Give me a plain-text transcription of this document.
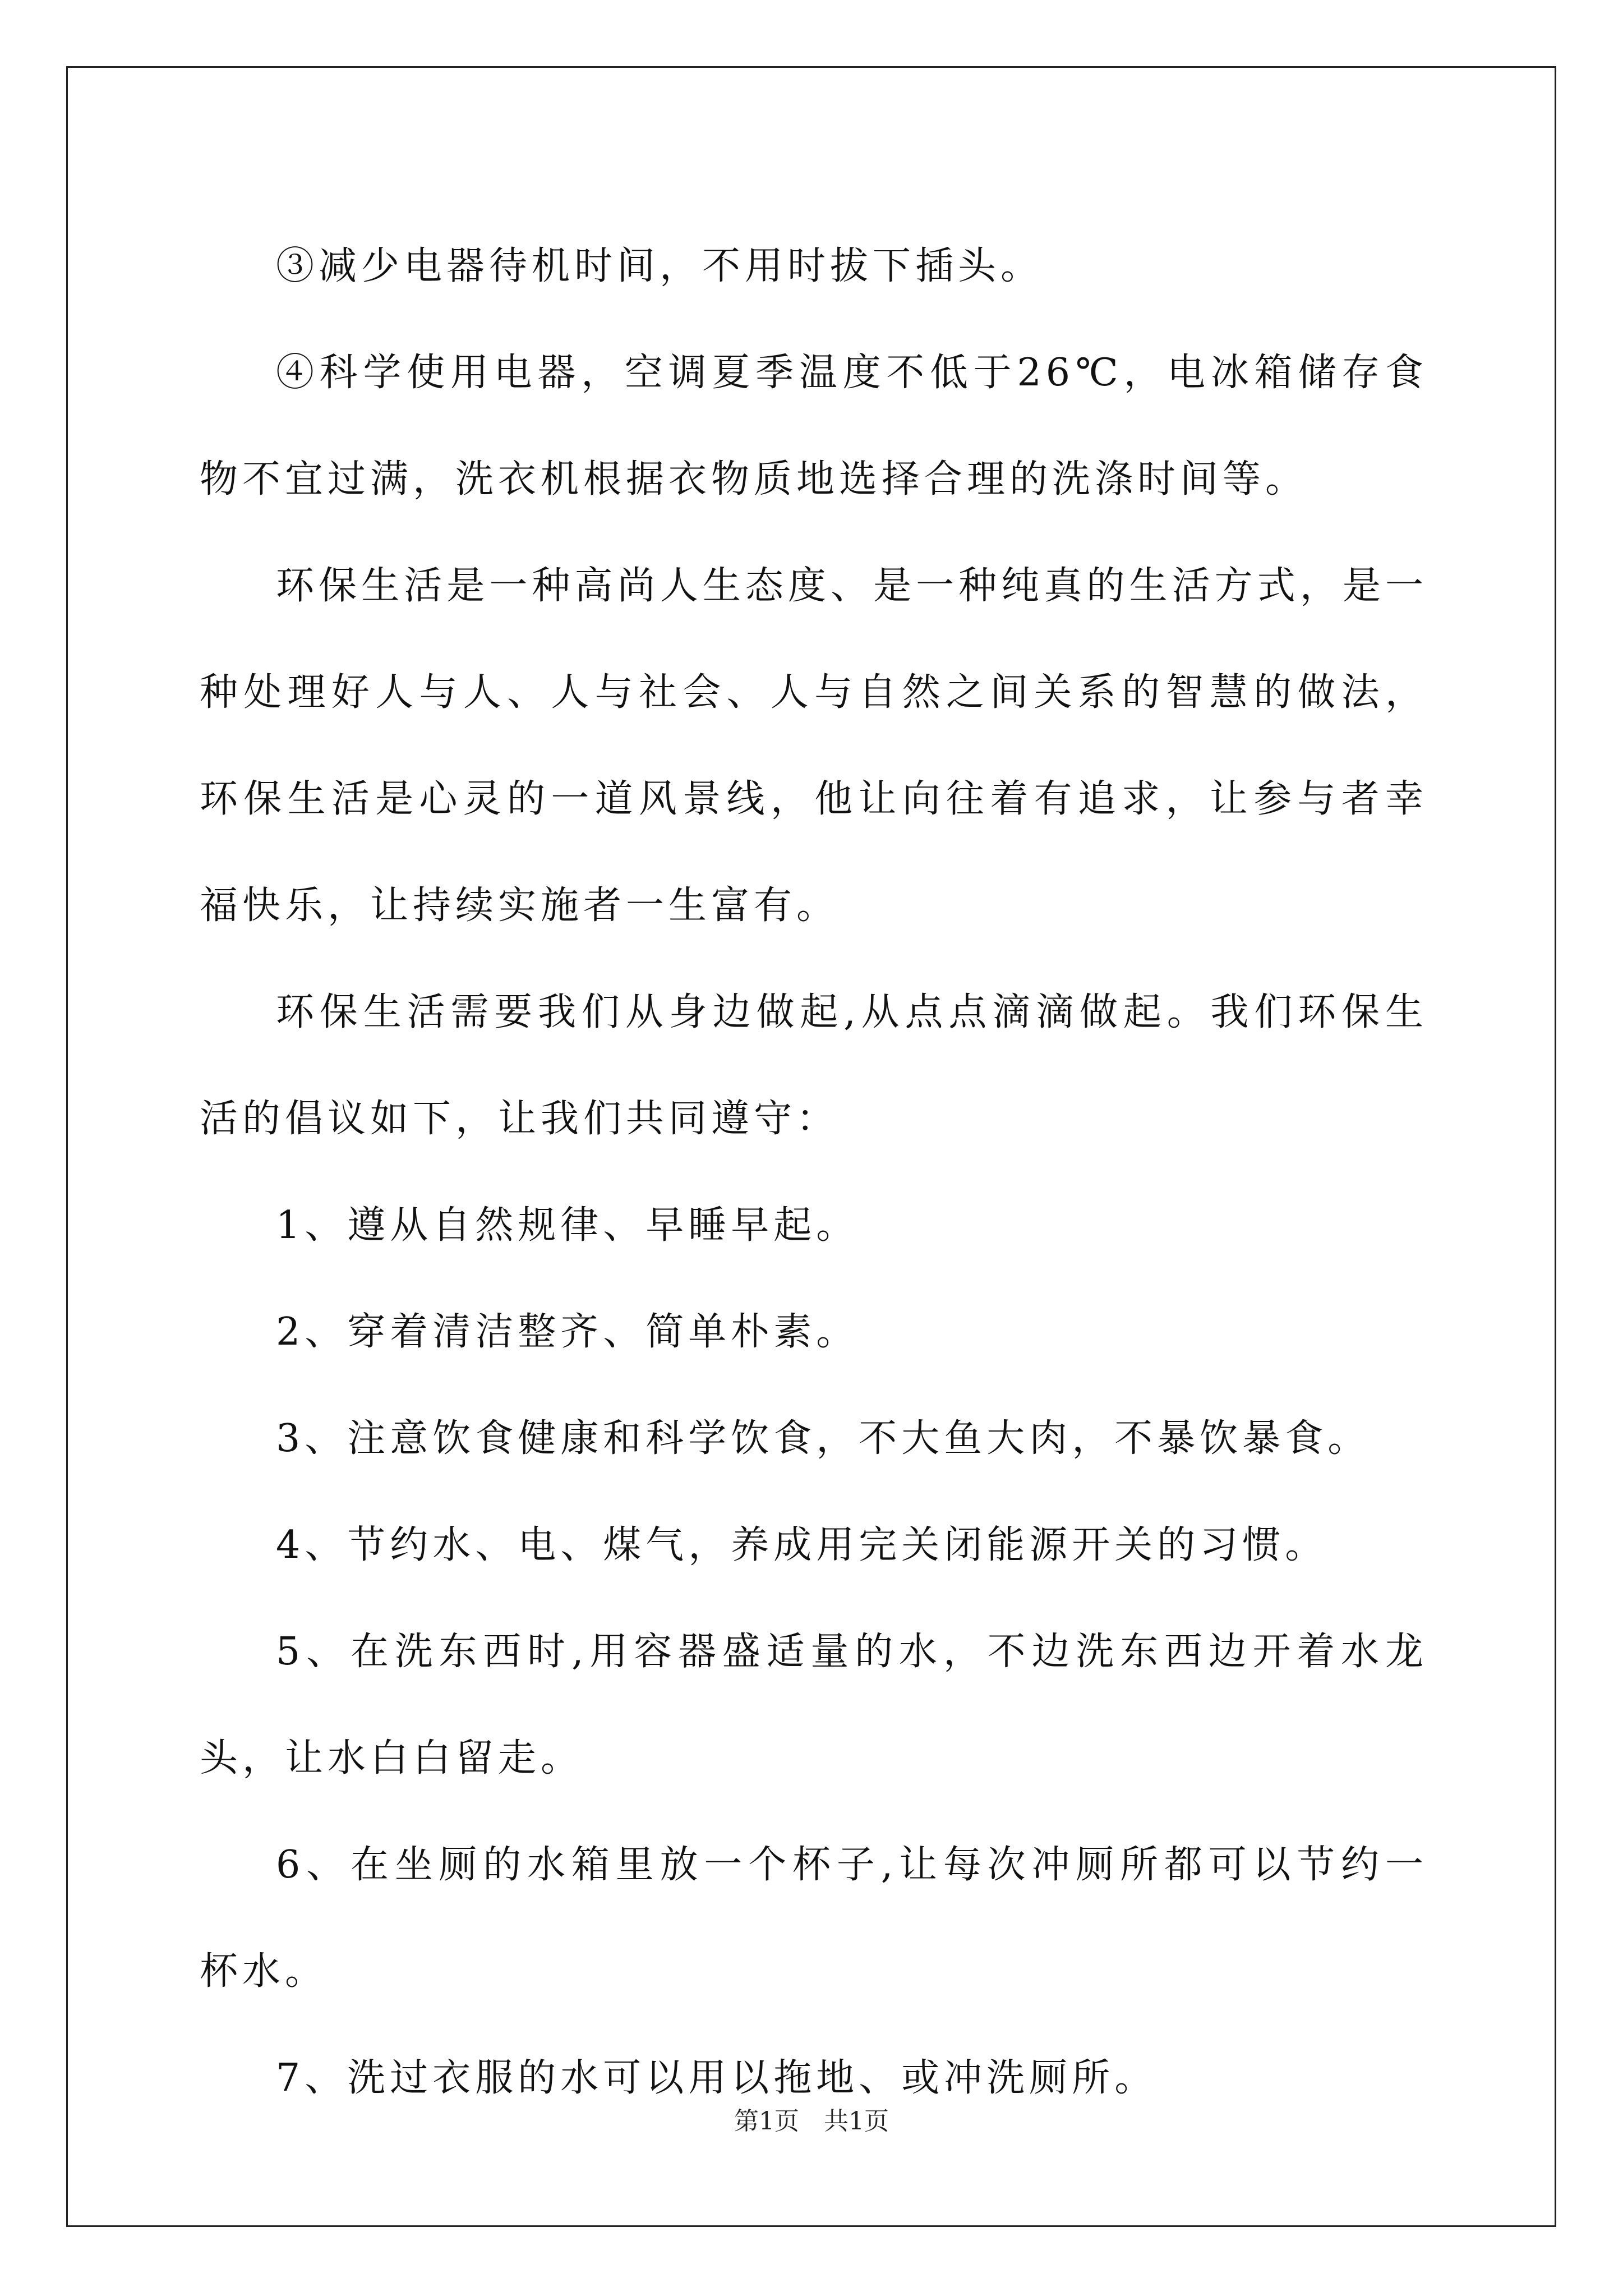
③减少电器待机时间，不用时拔下插头。

④科学使用电器，空调夏季温度不低于26℃，电冰箱储存食物不宜过满，洗衣机根据衣物质地选择合理的洗涤时间等。

环保生活是一种高尚人生态度、是一种纯真的生活方式，是一种处理好人与人、人与社会、人与自然之间关系的智慧的做法，环保生活是心灵的一道风景线，他让向往着有追求，让参与者幸福快乐，让持续实施者一生富有。

环保生活需要我们从身边做起,从点点滴滴做起。我们环保生活的倡议如下，让我们共同遵守：

1、遵从自然规律、早睡早起。

2、穿着清洁整齐、简单朴素。

3、注意饮食健康和科学饮食，不大鱼大肉，不暴饮暴食。

4、节约水、电、煤气，养成用完关闭能源开关的习惯。

5、在洗东西时,用容器盛适量的水，不边洗东西边开着水龙头，让水白白留走。

6、在坐厕的水箱里放一个杯子,让每次冲厕所都可以节约一杯水。

7、洗过衣服的水可以用以拖地、或冲洗厕所。

第1页　共1页
